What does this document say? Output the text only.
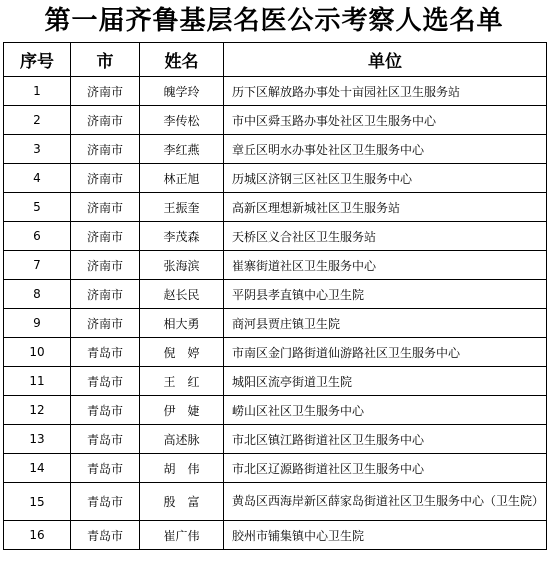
第一届齐鲁基层名医公示考察人选名单
序号	市	姓名	单位
1	济南市	魄学玲	历下区解放路办事处十亩园社区卫生服务站
2	济南市	李传松	市中区舜玉路办事处社区卫生服务中心
3	济南市	李红燕	章丘区明水办事处社区卫生服务中心
4	济南市	林正旭	历城区济钢三区社区卫生服务中心
5	济南市	王振奎	高新区理想新城社区卫生服务站
6	济南市	李茂森	天桥区义合社区卫生服务站
7	济南市	张海滨	崔寨街道社区卫生服务中心
8	济南市	赵长民	平阴县孝直镇中心卫生院
9	济南市	相大勇	商河县贾庄镇卫生院
10	青岛市	倪　婷	市南区金门路街道仙游路社区卫生服务中心
11	青岛市	王　红	城阳区流亭街道卫生院
12	青岛市	伊　婕	崂山区社区卫生服务中心
13	青岛市	高述脉	市北区镇江路街道社区卫生服务中心
14	青岛市	胡　伟	市北区辽源路街道社区卫生服务中心
15	青岛市	殷　富	黄岛区西海岸新区薛家岛街道社区卫生服务中心（卫生院）
16	青岛市	崔广伟	胶州市铺集镇中心卫生院
